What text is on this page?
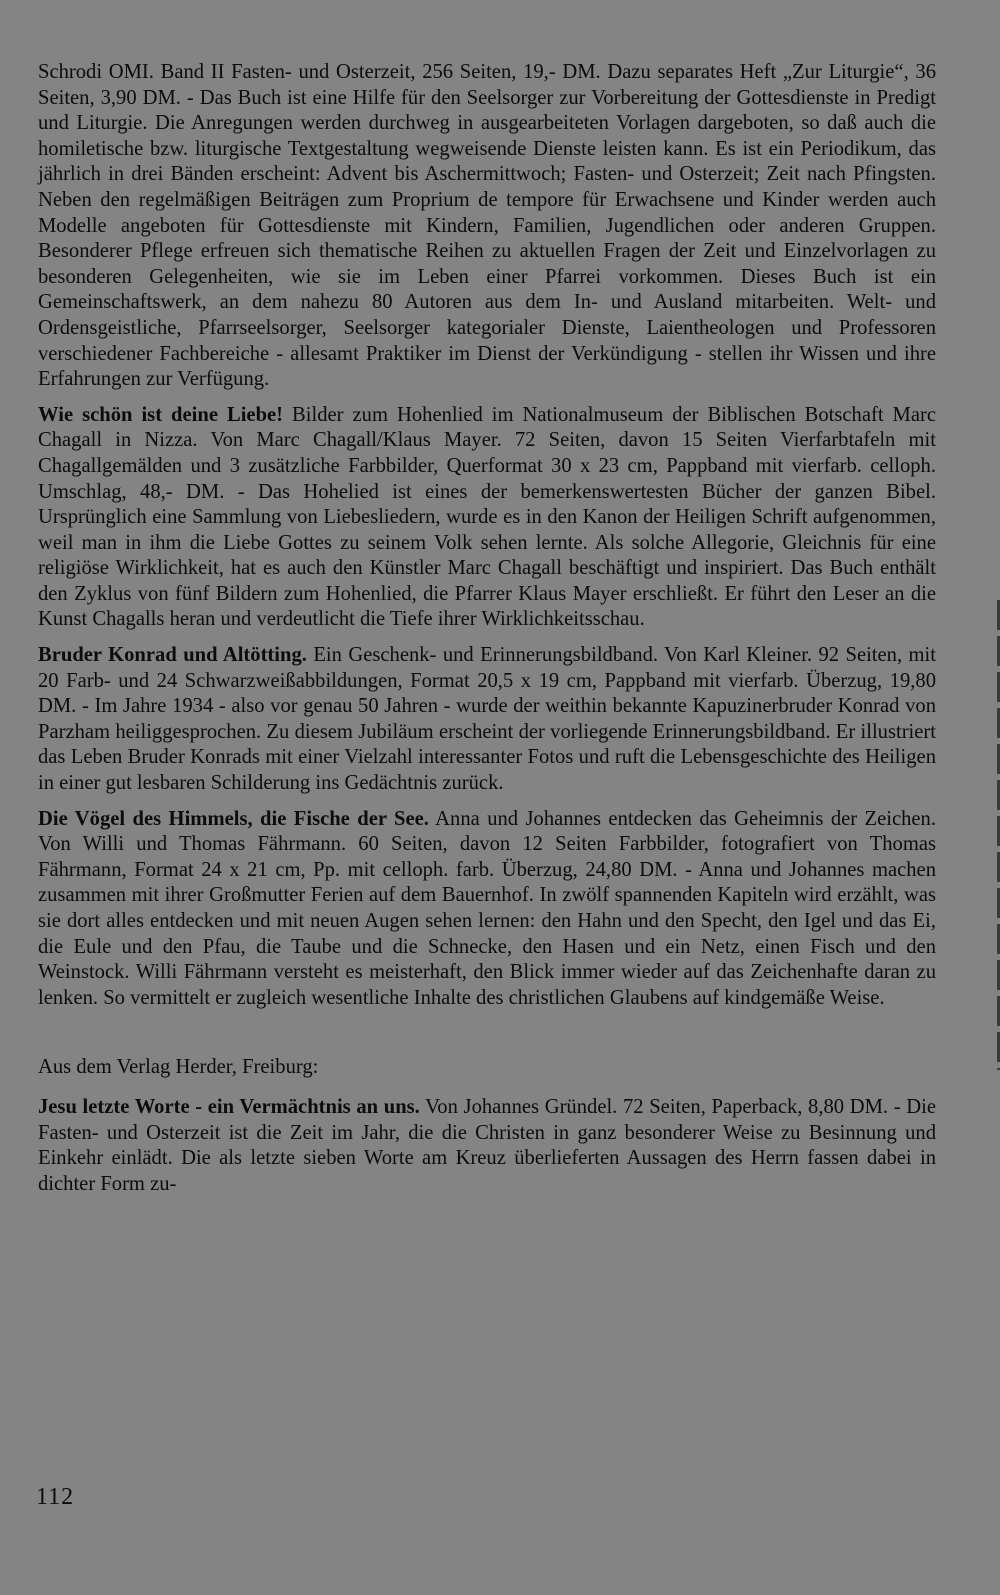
Schrodi OMI. Band II Fasten- und Osterzeit, 256 Seiten, 19,- DM. Dazu separates Heft „Zur Liturgie“, 36 Seiten, 3,90 DM. - Das Buch ist eine Hilfe für den Seelsorger zur Vorbereitung der Gottesdienste in Predigt und Liturgie. Die Anregungen werden durchweg in ausgearbeiteten Vorlagen dargeboten, so daß auch die homiletische bzw. liturgische Textgestaltung wegweisende Dienste leisten kann. Es ist ein Periodikum, das jährlich in drei Bänden erscheint: Advent bis Aschermittwoch; Fasten- und Osterzeit; Zeit nach Pfingsten. Neben den regelmäßigen Beiträgen zum Proprium de tempore für Erwachsene und Kinder werden auch Modelle angeboten für Gottesdienste mit Kindern, Familien, Jugendlichen oder anderen Gruppen. Besonderer Pflege erfreuen sich thematische Reihen zu aktuellen Fragen der Zeit und Einzelvorlagen zu besonderen Gelegenheiten, wie sie im Leben einer Pfarrei vorkommen. Dieses Buch ist ein Gemeinschaftswerk, an dem nahezu 80 Autoren aus dem In- und Ausland mitarbeiten. Welt- und Ordensgeistliche, Pfarrseelsorger, Seelsorger kategorialer Dienste, Laientheologen und Professoren verschiedener Fachbereiche - allesamt Praktiker im Dienst der Verkündigung - stellen ihr Wissen und ihre Erfahrungen zur Verfügung.

Wie schön ist deine Liebe! Bilder zum Hohenlied im Nationalmuseum der Biblischen Botschaft Marc Chagall in Nizza. Von Marc Chagall/Klaus Mayer. 72 Seiten, davon 15 Seiten Vierfarbtafeln mit Chagallgemälden und 3 zusätzliche Farbbilder, Querformat 30 x 23 cm, Pappband mit vierfarb. celloph. Umschlag, 48,- DM. - Das Hohelied ist eines der bemerkenswertesten Bücher der ganzen Bibel. Ursprünglich eine Sammlung von Liebesliedern, wurde es in den Kanon der Heiligen Schrift aufgenommen, weil man in ihm die Liebe Gottes zu seinem Volk sehen lernte. Als solche Allegorie, Gleichnis für eine religiöse Wirklichkeit, hat es auch den Künstler Marc Chagall beschäftigt und inspiriert. Das Buch enthält den Zyklus von fünf Bildern zum Hohenlied, die Pfarrer Klaus Mayer erschließt. Er führt den Leser an die Kunst Chagalls heran und verdeutlicht die Tiefe ihrer Wirklichkeitsschau.

Bruder Konrad und Altötting. Ein Geschenk- und Erinnerungsbildband. Von Karl Kleiner. 92 Seiten, mit 20 Farb- und 24 Schwarzweißabbildungen, Format 20,5 x 19 cm, Pappband mit vierfarb. Überzug, 19,80 DM. - Im Jahre 1934 - also vor genau 50 Jahren - wurde der weithin bekannte Kapuzinerbruder Konrad von Parzham heiliggesprochen. Zu diesem Jubiläum erscheint der vorliegende Erinnerungsbildband. Er illustriert das Leben Bruder Konrads mit einer Vielzahl interessanter Fotos und ruft die Lebensgeschichte des Heiligen in einer gut lesbaren Schilderung ins Gedächtnis zurück.

Die Vögel des Himmels, die Fische der See. Anna und Johannes entdecken das Geheimnis der Zeichen. Von Willi und Thomas Fährmann. 60 Seiten, davon 12 Seiten Farbbilder, fotografiert von Thomas Fährmann, Format 24 x 21 cm, Pp. mit celloph. farb. Überzug, 24,80 DM. - Anna und Johannes machen zusammen mit ihrer Großmutter Ferien auf dem Bauernhof. In zwölf spannenden Kapiteln wird erzählt, was sie dort alles entdecken und mit neuen Augen sehen lernen: den Hahn und den Specht, den Igel und das Ei, die Eule und den Pfau, die Taube und die Schnecke, den Hasen und ein Netz, einen Fisch und den Weinstock. Willi Fährmann versteht es meisterhaft, den Blick immer wieder auf das Zeichenhafte daran zu lenken. So vermittelt er zugleich wesentliche Inhalte des christlichen Glaubens auf kindgemäße Weise.

Aus dem Verlag Herder, Freiburg:

Jesu letzte Worte - ein Vermächtnis an uns. Von Johannes Gründel. 72 Seiten, Paperback, 8,80 DM. - Die Fasten- und Osterzeit ist die Zeit im Jahr, die die Christen in ganz besonderer Weise zu Besinnung und Einkehr einlädt. Die als letzte sieben Worte am Kreuz überlieferten Aussagen des Herrn fassen dabei in dichter Form zu-

112
